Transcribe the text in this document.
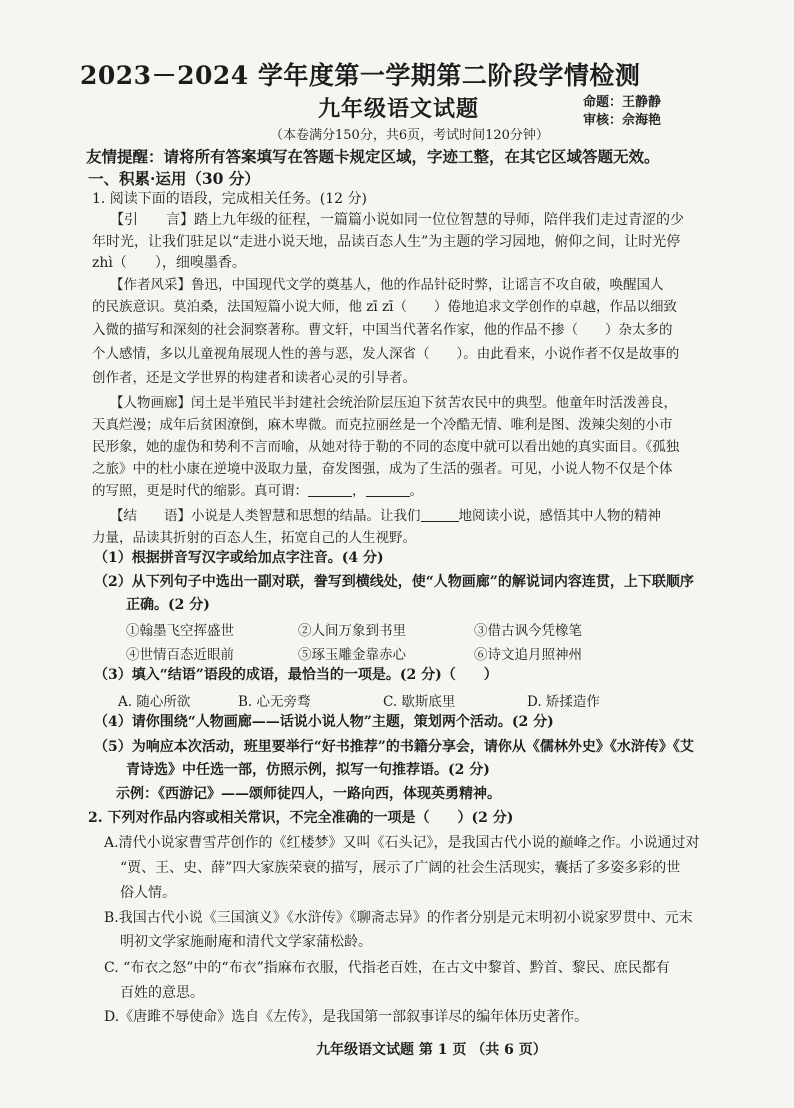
2023－2024 学年度第一学期第二阶段学情检测
九年级语文试题	命题：王静静
审核：佘海艳
（本卷满分150分，共6页，考试时间120分钟）
友情提醒：请将所有答案填写在答题卡规定区域，字迹工整，在其它区域答题无效。
一、积累·运用（30 分）
1. 阅读下面的语段，完成相关任务。(12 分)
【引　　言】踏上九年级的征程，一篇篇小说如同一位位智慧的导师，陪伴我们走过青涩的少
年时光，让我们驻足以“走进小说天地，品读百态人生”为主题的学习园地，俯仰之间，让时光停
zhì（　　），细嗅墨香。
【作者风采】鲁迅，中国现代文学的奠基人，他的作品针砭时弊，让谣言不攻自破，唤醒国人
的民族意识。莫泊桑，法国短篇小说大师，他 zī zī（　　）倦地追求文学创作的卓越，作品以细致
入微的描写和深刻的社会洞察著称。曹文轩，中国当代著名作家，他的作品不掺（　　）杂太多的
个人感情，多以儿童视角展现人性的善与恶，发人深省（　　）。由此看来，小说作者不仅是故事的
创作者，还是文学世界的构建者和读者心灵的引导者。
【人物画廊】闰土是半殖民半封建社会统治阶层压迫下贫苦农民中的典型。他童年时活泼善良，
天真烂漫；成年后贫困潦倒，麻木卑微。而克拉丽丝是一个冷酷无情、唯利是图、泼辣尖刻的小市
民形象，她的虚伪和势利不言而喻，从她对待于勒的不同的态度中就可以看出她的真实面目。《孤独
之旅》中的杜小康在逆境中汲取力量，奋发图强，成为了生活的强者。可见，小说人物不仅是个体
的写照，更是时代的缩影。真可谓：	，	。
【结　　语】小说是人类智慧和思想的结晶。让我们	地阅读小说，感悟其中人物的精神
力量，品读其折射的百态人生，拓宽自己的人生视野。
（1）根据拼音写汉字或给加点字注音。(4 分)
（2）从下列句子中选出一副对联，誊写到横线处，使“人物画廊”的解说词内容连贯，上下联顺序
正确。(2 分)
①翰墨飞空挥盛世	②人间万象到书里	③借古讽今凭橡笔
④世情百态近眼前	⑤琢玉雕金靠赤心	⑥诗文追月照神州
（3）填入“结语”语段的成语，最恰当的一项是。(2 分)（　　）
A. 随心所欲	B. 心无旁骛	C. 歇斯底里	D. 矫揉造作
（4）请你围绕“人物画廊——话说小说人物”主题，策划两个活动。(2 分)
（5）为响应本次活动，班里要举行“好书推荐”的书籍分享会，请你从《儒林外史》《水浒传》《艾
青诗选》中任选一部，仿照示例，拟写一句推荐语。(2 分)
示例：《西游记》——颂师徒四人，一路向西，体现英勇精神。
2. 下列对作品内容或相关常识，不完全准确的一项是（　　）(2 分)
A.清代小说家曹雪芹创作的《红楼梦》又叫《石头记》，是我国古代小说的巅峰之作。小说通过对
“贾、王、史、薛”四大家族荣衰的描写，展示了广阔的社会生活现实，囊括了多姿多彩的世
俗人情。
B.我国古代小说《三国演义》《水浒传》《聊斋志异》的作者分别是元末明初小说家罗贯中、元末
明初文学家施耐庵和清代文学家蒲松龄。
C. “布衣之怒”中的“布衣”指麻布衣服，代指老百姓，在古文中黎首、黔首、黎民、庶民都有
百姓的意思。
D.《唐雎不辱使命》选自《左传》，是我国第一部叙事详尽的编年体历史著作。
九年级语文试题 第 1 页 （共 6 页）
